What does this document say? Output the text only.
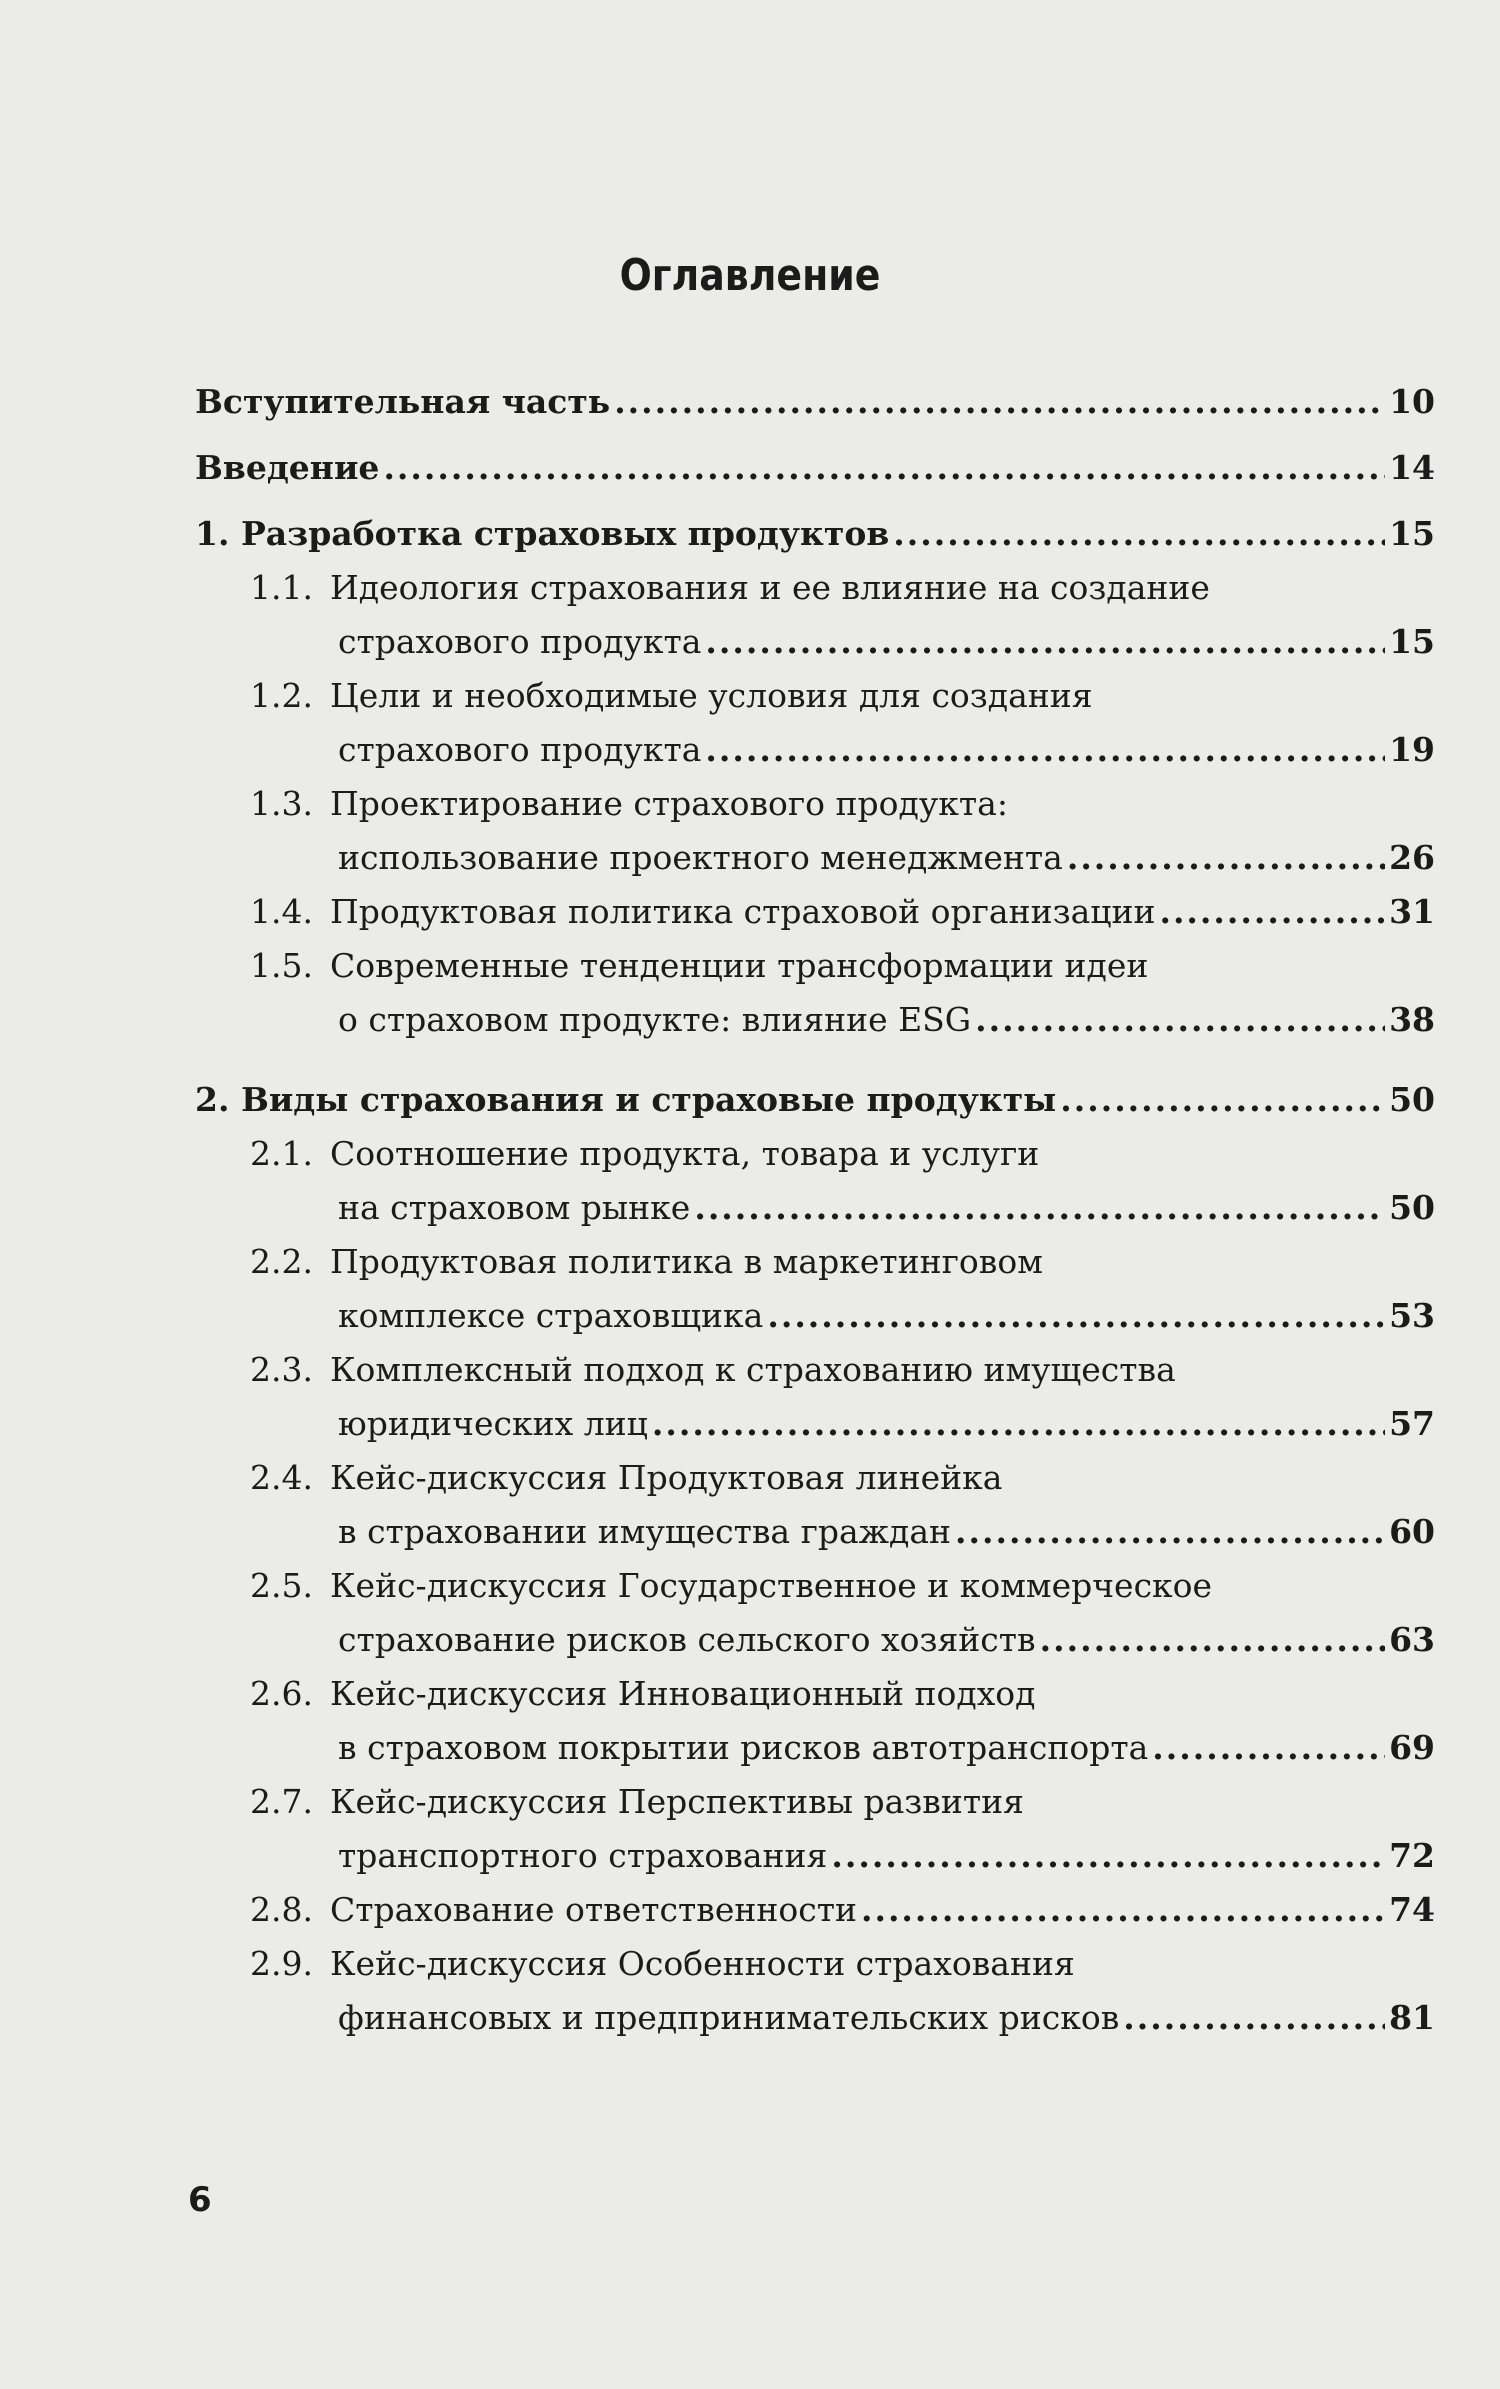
Оглавление
Вступительная часть .....	10
Введение .....	14
1. Разработка страховых продуктов .....	15
1.1. Идеология страхования и ее влияние на создание
страхового продукта .....	15
1.2. Цели и необходимые условия для создания
страхового продукта .....	19
1.3. Проектирование страхового продукта:
использование проектного менеджмента .....	26
1.4. Продуктовая политика страховой организации .....	31
1.5. Современные тенденции трансформации идеи
о страховом продукте: влияние ESG .....	38
2. Виды страхования и страховые продукты .....	50
2.1. Соотношение продукта, товара и услуги
на страховом рынке .....	50
2.2. Продуктовая политика в маркетинговом
комплексе страховщика .....	53
2.3. Комплексный подход к страхованию имущества
юридических лиц .....	57
2.4. Кейс-дискуссия Продуктовая линейка
в страховании имущества граждан .....	60
2.5. Кейс-дискуссия Государственное и коммерческое
страхование рисков сельского хозяйств .....	63
2.6. Кейс-дискуссия Инновационный подход
в страховом покрытии рисков автотранспорта .....	69
2.7. Кейс-дискуссия Перспективы развития
транспортного страхования .....	72
2.8. Страхование ответственности .....	74
2.9. Кейс-дискуссия Особенности страхования
финансовых и предпринимательских рисков .....	81
6
